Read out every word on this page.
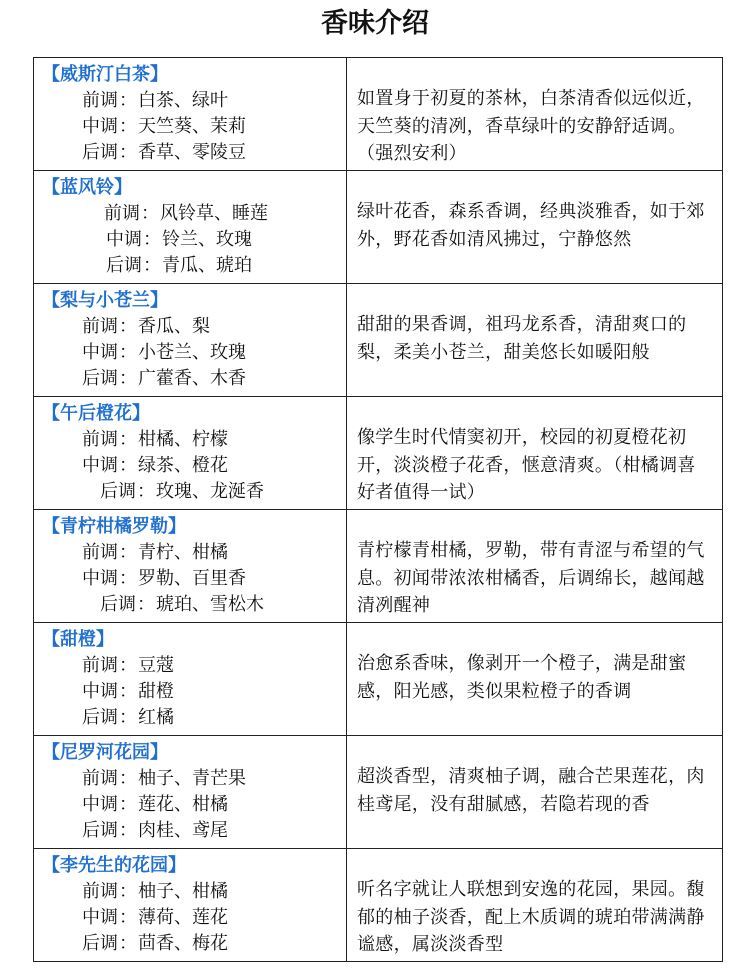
香味介绍
【威斯汀白茶】
前调：白茶、绿叶
中调：天竺葵、茉莉
后调：香草、零陵豆	如置身于初夏的茶林，白茶清香似远似近，天竺葵的清冽，香草绿叶的安静舒适调。（强烈安利）

【蓝风铃】
前调：风铃草、睡莲
中调：铃兰、玫瑰
后调：青瓜、琥珀	绿叶花香，森系香调，经典淡雅香，如于郊外，野花香如清风拂过，宁静悠然

【梨与小苍兰】
前调：香瓜、梨
中调：小苍兰、玫瑰
后调：广藿香、木香	甜甜的果香调，祖玛龙系香，清甜爽口的梨，柔美小苍兰，甜美悠长如暖阳般

【午后橙花】
前调：柑橘、柠檬
中调：绿茶、橙花
后调：玫瑰、龙涎香	像学生时代情窦初开，校园的初夏橙花初开，淡淡橙子花香，惬意清爽。（柑橘调喜好者值得一试）

【青柠柑橘罗勒】
前调：青柠、柑橘
中调：罗勒、百里香
后调：琥珀、雪松木	青柠檬青柑橘，罗勒，带有青涩与希望的气息。初闻带浓浓柑橘香，后调绵长，越闻越清冽醒神

【甜橙】
前调：豆蔻
中调：甜橙
后调：红橘	治愈系香味，像剥开一个橙子，满是甜蜜感，阳光感，类似果粒橙子的香调

【尼罗河花园】
前调：柚子、青芒果
中调：莲花、柑橘
后调：肉桂、鸢尾	超淡香型，清爽柚子调，融合芒果莲花，肉桂鸢尾，没有甜腻感，若隐若现的香

【李先生的花园】
前调：柚子、柑橘
中调：薄荷、莲花
后调：茴香、梅花	听名字就让人联想到安逸的花园，果园。馥郁的柚子淡香，配上木质调的琥珀带满满静谧感，属淡淡香型
